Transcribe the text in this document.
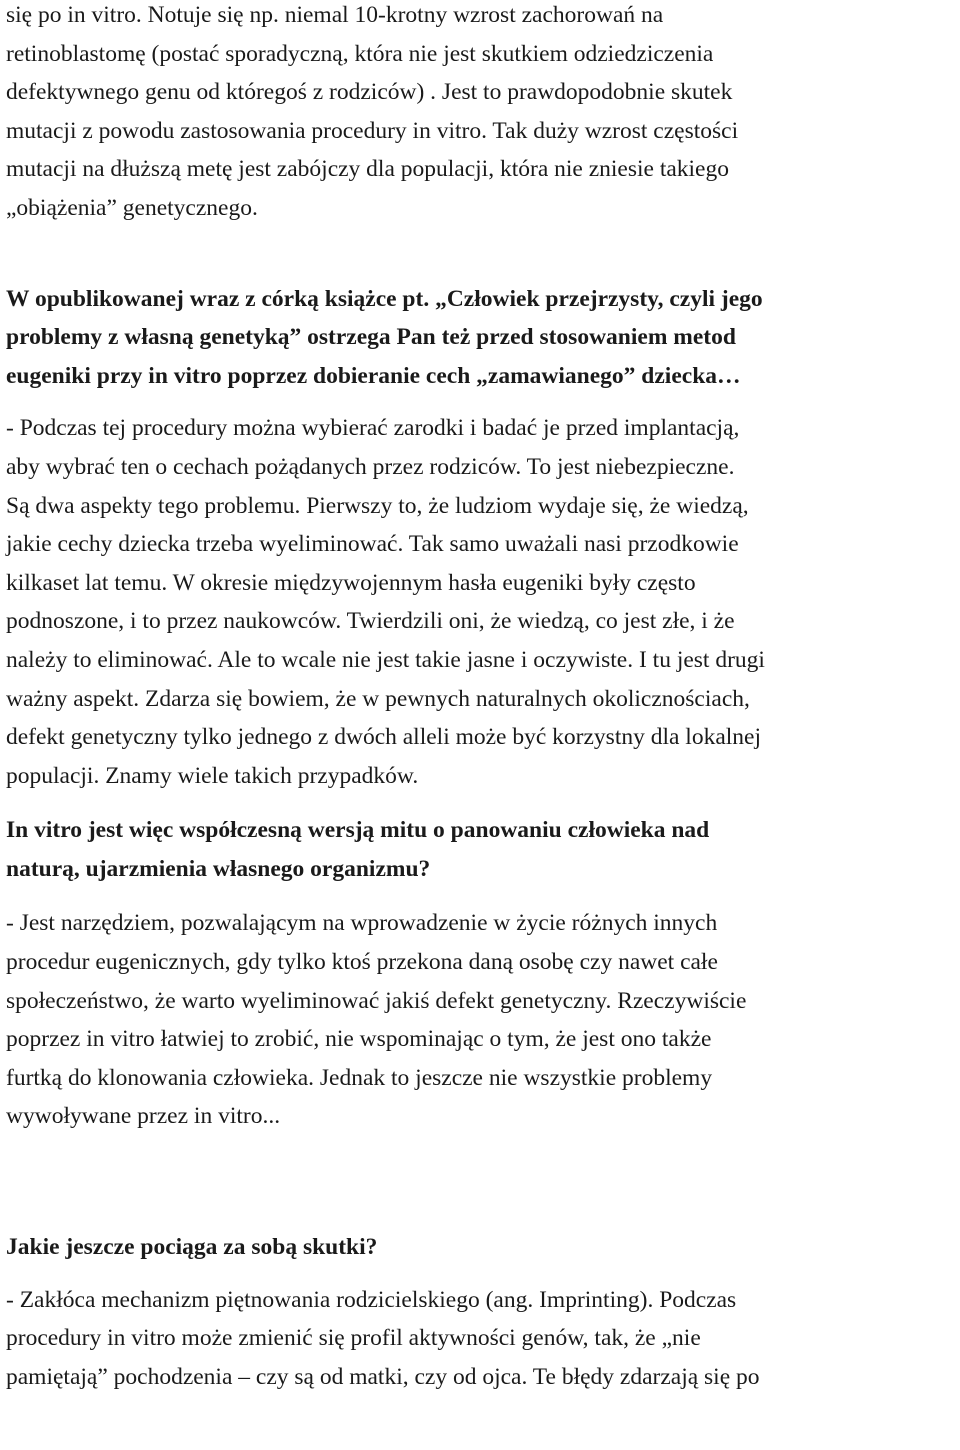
się po in vitro. Notuje się np. niemal 10-krotny wzrost zachorowań na
retinoblastomę (postać sporadyczną, która nie jest skutkiem odziedziczenia
defektywnego genu od któregoś z rodziców) . Jest to prawdopodobnie skutek
mutacji z powodu zastosowania procedury in vitro. Tak duży wzrost częstości
mutacji na dłuższą metę jest zabójczy dla populacji, która nie zniesie takiego
„obiążenia” genetycznego.

W opublikowanej wraz z córką książce pt. „Człowiek przejrzysty, czyli jego
problemy z własną genetyką” ostrzega Pan też przed stosowaniem metod
eugeniki przy in vitro poprzez dobieranie cech „zamawianego” dziecka…

- Podczas tej procedury można wybierać zarodki i badać je przed implantacją,
aby wybrać ten o cechach pożądanych przez rodziców. To jest niebezpieczne.
Są dwa aspekty tego problemu. Pierwszy to, że ludziom wydaje się, że wiedzą,
jakie cechy dziecka trzeba wyeliminować. Tak samo uważali nasi przodkowie
kilkaset lat temu. W okresie międzywojennym hasła eugeniki były często
podnoszone, i to przez naukowców. Twierdzili oni, że wiedzą, co jest złe, i że
należy to eliminować. Ale to wcale nie jest takie jasne i oczywiste. I tu jest drugi
ważny aspekt. Zdarza się bowiem, że w pewnych naturalnych okolicznościach,
defekt genetyczny tylko jednego z dwóch alleli może być korzystny dla lokalnej
populacji. Znamy wiele takich przypadków.

In vitro jest więc współczesną wersją mitu o panowaniu człowieka nad
naturą, ujarzmienia własnego organizmu?

- Jest narzędziem, pozwalającym na wprowadzenie w życie różnych innych
procedur eugenicznych, gdy tylko ktoś przekona daną osobę czy nawet całe
społeczeństwo, że warto wyeliminować jakiś defekt genetyczny. Rzeczywiście
poprzez in vitro łatwiej to zrobić, nie wspominając o tym, że jest ono także
furtką do klonowania człowieka. Jednak to jeszcze nie wszystkie problemy
wywoływane przez in vitro...

Jakie jeszcze pociąga za sobą skutki?

- Zakłóca mechanizm piętnowania rodzicielskiego (ang. Imprinting). Podczas
procedury in vitro może zmienić się profil aktywności genów, tak, że „nie
pamiętają” pochodzenia – czy są od matki, czy od ojca. Te błędy zdarzają się po
